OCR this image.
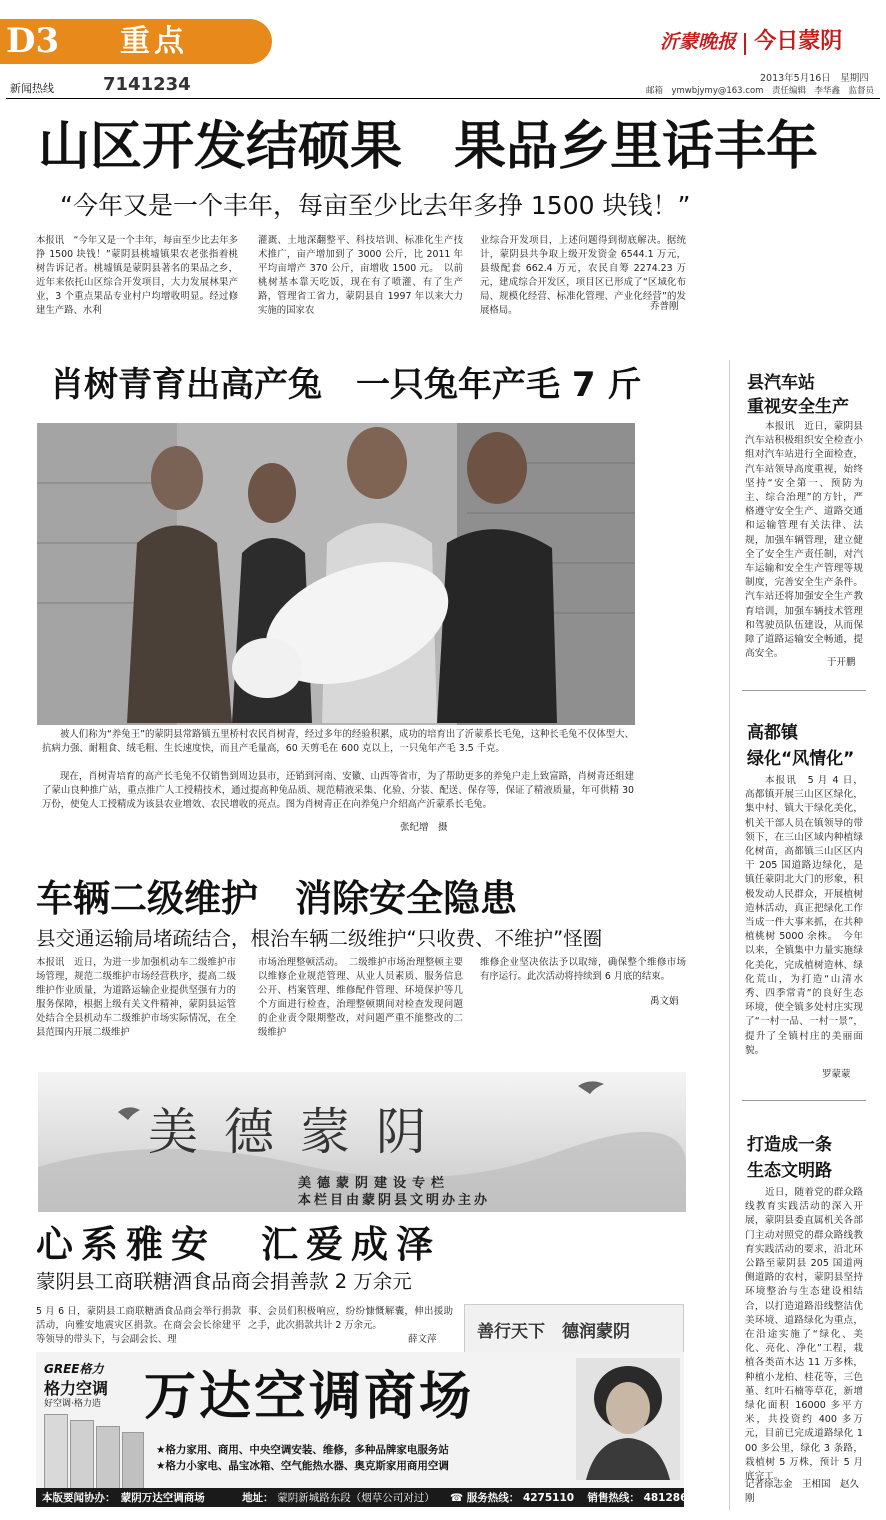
D3 重点	沂蒙晚报 今日蒙阴
新闻热线	7141234	2013年5月16日　星期四
邮箱　ymwbjymy@163.com　责任编辑　李华鑫　监督员
山区开发结硕果　果品乡里话丰年
“今年又是一个丰年，每亩至少比去年多挣 1500 块钱！”
本报讯　“今年又是一个丰年，每亩至少比去年多挣 1500 块钱！”蒙阴县桃墟镇果农老张指着桃树告诉记者。桃墟镇是蒙阴县著名的果品之乡，近年来依托山区综合开发项目，大力发展林果产业，3 个重点果品专业村户均增收明显。经过修建生产路、水利
灌溉、土地深翻整平、科技培训、标准化生产技术推广，亩产增加到了 3000 公斤，比 2011 年平均亩增产 370 公斤，亩增收 1500 元。　以前桃树基本靠天吃饭，现在有了喷灌、有了生产路，管理省工省力，蒙阴县自 1997 年以来大力实施的国家农
业综合开发项目，上述问题得到彻底解决。据统计，蒙阴县共争取上级开发资金 6544.1 万元，县级配套 662.4 万元，农民自筹 2274.23 万元，建成综合开发区，项目区已形成了“区域化布局、规模化经营、标准化管理、产业化经营”的发展格局。	乔普刚
肖树青育出高产兔　一只兔年产毛 7 斤
被人们称为“养兔王”的蒙阴县常路镇五里桥村农民肖树青，经过多年的经验积累，成功的培育出了沂蒙系长毛兔，这种长毛兔不仅体型大、抗病力强、耐粗食、绒毛粗、生长速度快，而且产毛量高，60 天剪毛在 600 克以上，一只兔年产毛 3.5 千克。
现在，肖树青培育的高产长毛兔不仅销售到周边县市，还销到河南、安徽、山西等省市，为了帮助更多的养兔户走上致富路，肖树青还组建了蒙山良种推广站，重点推广人工授精技术，通过提高种兔品质、规范精液采集、化验、分装、配送、保存等，保证了精液质量，年可供精 30 万份，使兔人工授精成为该县农业增效、农民增收的亮点。图为肖树青正在向养兔户介绍高产沂蒙系长毛兔。
张纪增　摄
车辆二级维护　消除安全隐患
县交通运输局堵疏结合，根治车辆二级维护“只收费、不维护”怪圈
本报讯　近日，为进一步加强机动车二级维护市场管理，规范二级维护市场经营秩序，提高二级维护作业质量，为道路运输企业提供坚强有力的服务保障，根据上级有关文件精神，蒙阴县运管处结合全县机动车二级维护市场实际情况，在全县范围内开展二级维护
市场治理整顿活动。　二级维护市场治理整顿主要以维修企业规范管理、从业人员素质、服务信息公开、档案管理、维修配件管理、环境保护等几个方面进行检查，治理整顿期间对检查发现问题的企业责令限期整改，对问题严重不能整改的二级维护
维修企业坚决依法予以取缔，确保整个维修市场有序运行。此次活动将持续到 6 月底的结束。
禹文娟
美德蒙阴
美德蒙阴建设专栏
本栏目由蒙阴县文明办主办
心系雅安　汇爱成泽
蒙阴县工商联糖酒食品商会捐善款 2 万余元
5 月 6 日，蒙阴县工商联糖酒食品商会举行捐款活动，向雅安地震灾区捐款。在商会会长徐建平等领导的带头下，与会副会长、理
事、会员们积极响应，纷纷慷慨解囊，伸出援助之手，此次捐款共计 2 万余元。
薛文萍 善行天下　德润蒙阴
GREE格力
格力空调
好空调·格力造 万达空调商场
★格力家用、商用、中央空调安装、维修，多种品牌家电服务站
★格力小家电、晶宝冰箱、空气能热水器、奥克斯家用商用空调
本版要闻协办：　蒙阴万达空调商场	地址： 蒙阴新城路东段（烟草公司对过） ☎ 服务热线： 4275110 销售热线： 4812860
县汽车站
重视安全生产
本报讯　近日，蒙阴县汽车站积极组织安全检查小组对汽车站进行全面检查，汽车站领导高度重视，始终坚持“安全第一、预防为主、综合治理”的方针，严格遵守安全生产、道路交通和运输管理有关法律、法规，加强车辆管理，建立健全了安全生产责任制，对汽车运输和安全生产管理等规制度，完善安全生产条件。汽车站还将加强安全生产教育培训，加强车辆技术管理和驾驶员队伍建设，从而保障了道路运输安全畅通，提高安全。
于开鹏
高都镇
绿化“风情化”
本报讯　5 月 4 日，高都镇开展三山区区绿化，集中村、镇大干绿化美化，机关干部人员在镇领导的带领下，在三山区域内种植绿化树苗，高都镇三山区区内干 205 国道路边绿化，是镇任蒙阴北大门的形象，积极发动人民群众，开展植树造林活动，真正把绿化工作当成一件大事来抓，在共种植桃树 5000 余株。　今年以来，全镇集中力量实施绿化美化，完成植树造林、绿化荒山，为打造“山清水秀、四季常青”的良好生态环境，使全镇多处村庄实现了“一村一品、一村一景”，提升了全镇村庄的美丽面貌。
罗蒙蒙
打造成一条
生态文明路
近日，随着党的群众路线教育实践活动的深入开展，蒙阴县委直属机关各部门主动对照党的群众路线教育实践活动的要求，沿北环公路至蒙阴县 205 国道两侧道路的农村，蒙阴县坚持环境整治与生态建设相结合，以打造道路沿线整洁优美环境、道路绿化为重点，在沿途实施了“绿化、美化、亮化、净化”工程，栽植各类苗木达 11 万多株，种植小龙柏、桂花等，三色堇、红叶石楠等草花，新增绿化面积 16000 多平方米，共投资约 400 多万元，目前已完成道路绿化 100 多公里，绿化 3 条路，栽植树 5 万株，预计 5 月底完工。
记者徐志金　王相国　赵久刚
